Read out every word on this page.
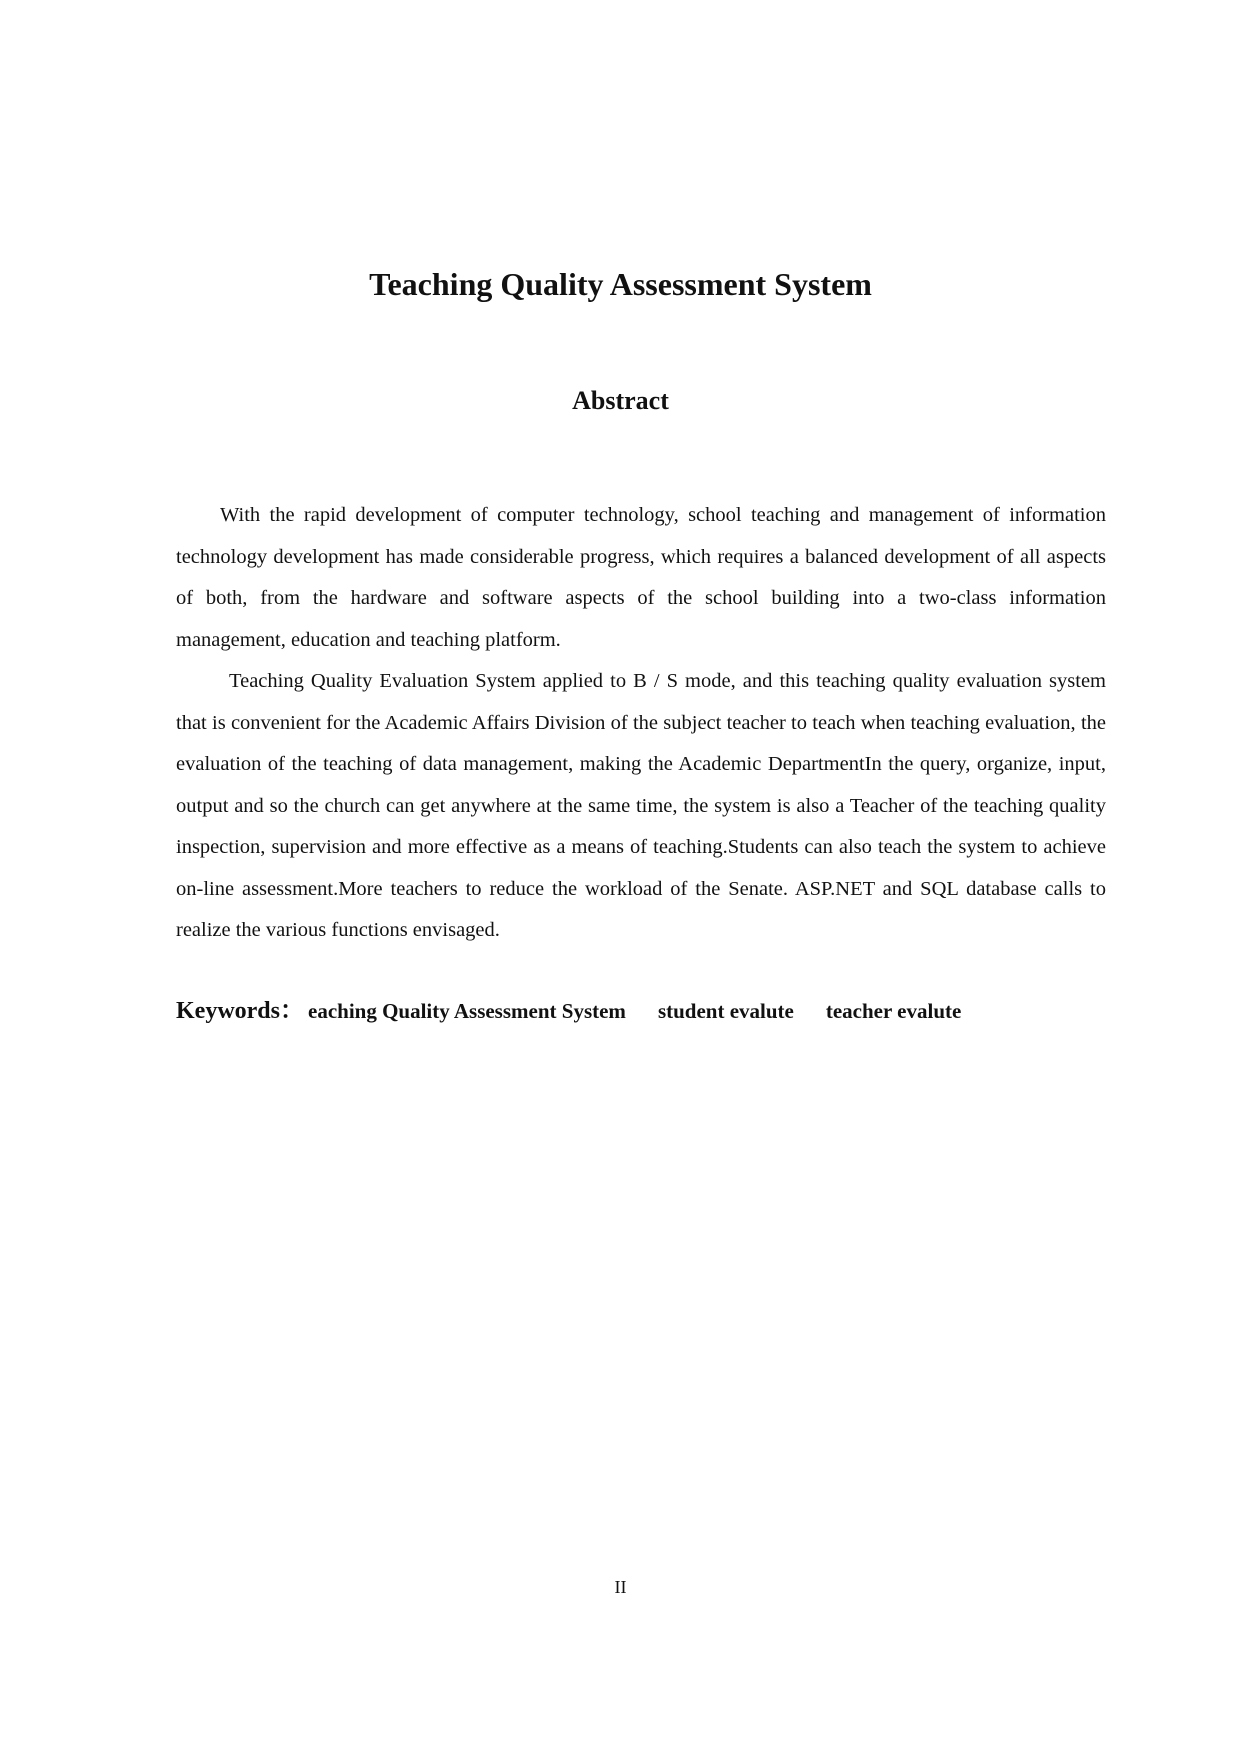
Teaching Quality Assessment System
Abstract

With the rapid development of computer technology, school teaching and management of information technology development has made considerable progress, which requires a balanced development of all aspects of both, from the hardware and software aspects of the school building into a two-class information management, education and teaching platform.

Teaching Quality Evaluation System applied to B / S mode, and this teaching quality evaluation system that is convenient for the Academic Affairs Division of the subject teacher to teach when teaching evaluation, the evaluation of the teaching of data management, making the Academic DepartmentIn the query, organize, input, output and so the church can get anywhere at the same time, the system is also a Teacher of the teaching quality inspection, supervision and more effective as a means of teaching.Students can also teach the system to achieve on-line assessment.More teachers to reduce the workload of the Senate. ASP.NET and SQL database calls to realize the various functions envisaged.

Keywords： eaching Quality Assessment System student evalute teacher evalute
II
